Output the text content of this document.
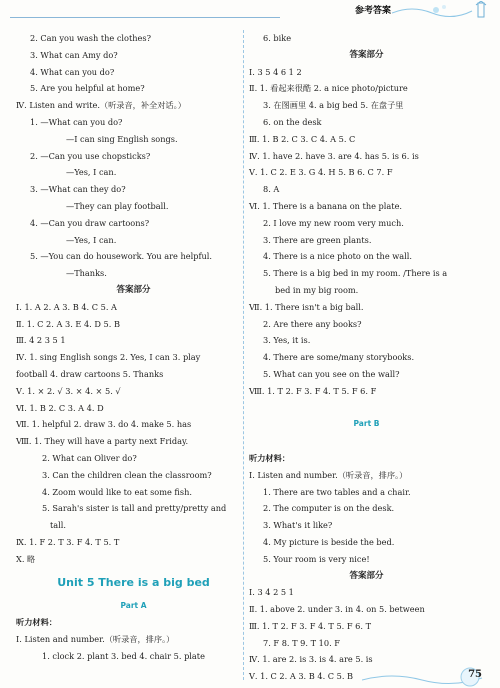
参考答案
2. Can you wash the clothes?
3. What can Amy do?
4. What can you do?
5. Are you helpful at home?
Ⅳ. Listen and write.（听录音，补全对话。）
1. —What can you do?
—I can sing English songs.
2. —Can you use chopsticks?
—Yes, I can.
3. —What can they do?
—They can play football.
4. —Can you draw cartoons?
—Yes, I can.
5. —You can do housework. You are helpful.
—Thanks.
答案部分
Ⅰ. 1. A 2. A 3. B 4. C 5. A
Ⅱ. 1. C 2. A 3. E 4. D 5. B
Ⅲ. 4 2 3 5 1
Ⅳ. 1. sing English songs 2. Yes, I can 3. play
football 4. draw cartoons 5. Thanks
Ⅴ. 1. × 2. √ 3. × 4. × 5. √
Ⅵ. 1. B 2. C 3. A 4. D
Ⅶ. 1. helpful 2. draw 3. do 4. make 5. has
Ⅷ. 1. They will have a party next Friday.
2. What can Oliver do?
3. Can the children clean the classroom?
4. Zoom would like to eat some fish.
5. Sarah's sister is tall and pretty/pretty and
tall.
Ⅸ. 1. F 2. T 3. F 4. T 5. T
Ⅹ. 略
Unit 5 There is a big bed
Part A
听力材料：
Ⅰ. Listen and number.（听录音，排序。）
1. clock 2. plant 3. bed 4. chair 5. plate
6. bike
答案部分
Ⅰ. 3 5 4 6 1 2
Ⅱ. 1. 看起来很酷 2. a nice photo/picture
3. 在图画里 4. a big bed 5. 在盘子里
6. on the desk
Ⅲ. 1. B 2. C 3. C 4. A 5. C
Ⅳ. 1. have 2. have 3. are 4. has 5. is 6. is
Ⅴ. 1. C 2. E 3. G 4. H 5. B 6. C 7. F
8. A
Ⅵ. 1. There is a banana on the plate.
2. I love my new room very much.
3. There are green plants.
4. There is a nice photo on the wall.
5. There is a big bed in my room. /There is a
bed in my big room.
Ⅶ. 1. There isn't a big ball.
2. Are there any books?
3. Yes, it is.
4. There are some/many storybooks.
5. What can you see on the wall?
Ⅷ. 1. T 2. F 3. F 4. T 5. F 6. F
Part B
听力材料：
Ⅰ. Listen and number.（听录音，排序。）
1. There are two tables and a chair.
2. The computer is on the desk.
3. What's it like?
4. My picture is beside the bed.
5. Your room is very nice!
答案部分
Ⅰ. 3 4 2 5 1
Ⅱ. 1. above 2. under 3. in 4. on 5. between
Ⅲ. 1. T 2. F 3. F 4. T 5. F 6. T
7. F 8. T 9. T 10. F
Ⅳ. 1. are 2. is 3. is 4. are 5. is
Ⅴ. 1. C 2. A 3. B 4. C 5. B	75
